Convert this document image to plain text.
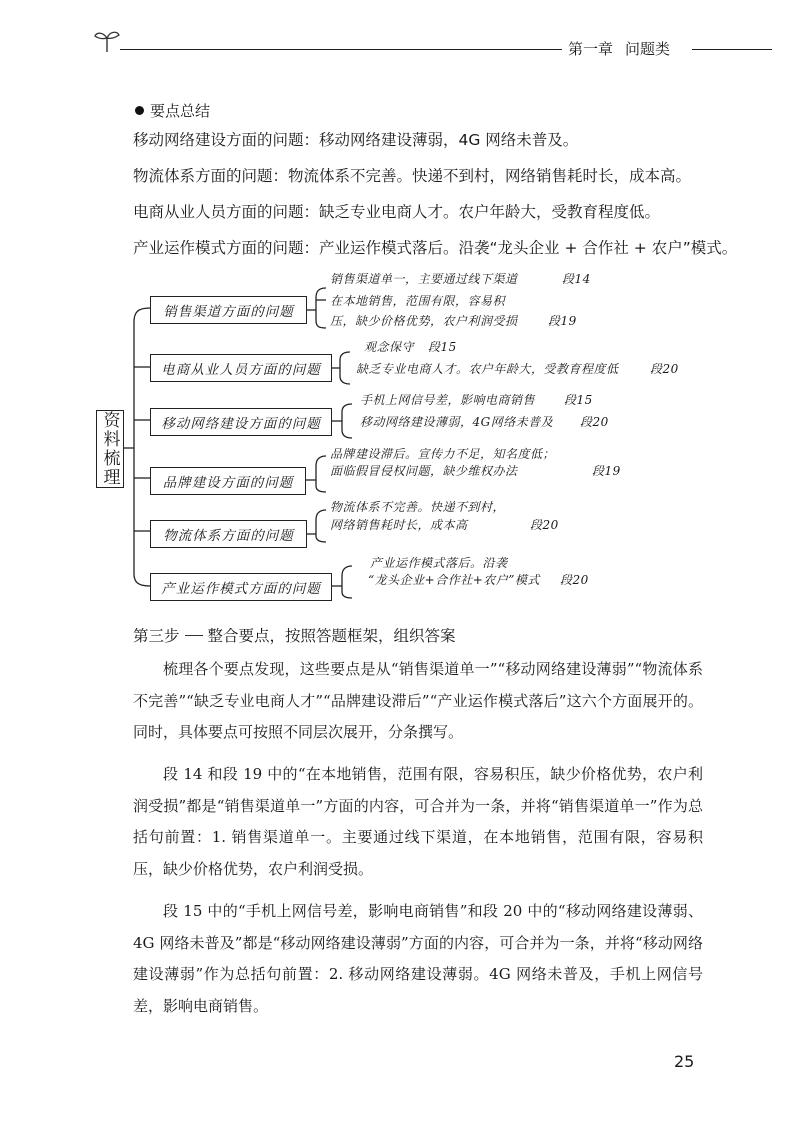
第一章 问题类
要点总结
移动网络建设方面的问题：移动网络建设薄弱，4G 网络未普及。
物流体系方面的问题：物流体系不完善。快递不到村，网络销售耗时长，成本高。
电商从业人员方面的问题：缺乏专业电商人才。农户年龄大，受教育程度低。
产业运作模式方面的问题：产业运作模式落后。沿袭“龙头企业 + 合作社 + 农户”模式。
资料梳理
销售渠道方面的问题
电商从业人员方面的问题
移动网络建设方面的问题
品牌建设方面的问题
物流体系方面的问题
产业运作模式方面的问题
销售渠道单一，主要通过线下渠道	段14
在本地销售，范围有限，容易积
压，缺少价格优势，农户利润受损	段19
观念保守 段15
缺乏专业电商人才。农户年龄大，受教育程度低	段20
手机上网信号差，影响电商销售 段15
移动网络建设薄弱，4G网络未普及 段20
品牌建设滞后。宣传力不足，知名度低；
面临假冒侵权问题，缺少维权办法	段19
物流体系不完善。快递不到村，
网络销售耗时长，成本高	段20
产业运作模式落后。沿袭
“龙头企业+合作社+农户”模式 段20
第三步 整合要点，按照答题框架，组织答案

梳理各个要点发现，这些要点是从“销售渠道单一”“移动网络建设薄弱”“物流体系不完善”“缺乏专业电商人才”“品牌建设滞后”“产业运作模式落后”这六个方面展开的。同时，具体要点可按照不同层次展开，分条撰写。

段 14 和段 19 中的“在本地销售，范围有限，容易积压，缺少价格优势，农户利润受损”都是“销售渠道单一”方面的内容，可合并为一条，并将“销售渠道单一”作为总括句前置：1. 销售渠道单一。主要通过线下渠道，在本地销售，范围有限，容易积压，缺少价格优势，农户利润受损。

段 15 中的“手机上网信号差，影响电商销售”和段 20 中的“移动网络建设薄弱、4G 网络未普及”都是“移动网络建设薄弱”方面的内容，可合并为一条，并将“移动网络建设薄弱”作为总括句前置：2. 移动网络建设薄弱。4G 网络未普及，手机上网信号差，影响电商销售。

25
